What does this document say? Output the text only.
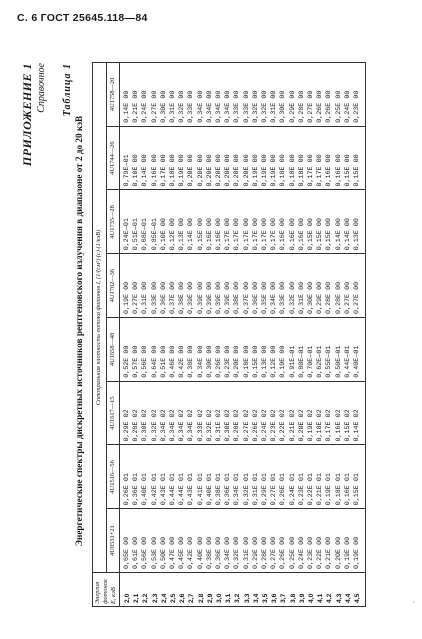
С. 6 ГОСТ 25645.118—84
ПРИЛОЖЕНИЕ 1 Справочное Таблица 1
Энергетические спектры дискретных источников рентгеновского излучения в диапазоне от 2 до 20 кэВ
Энергия фотонов E, кэВ	Спектральная плотность потока фотонов I, (1/(см²)·(с)·(1/кэВ)							
	4U0531+21	4U1516—56	4U1617—15	4U1658—48	4U1702—36	4U1735—28	4U1744—26	4U1758—20
2,0	0,65E 00	0,26E 01	0,29E 02	0,52E 00	0,19E 00	0,24E—01	0,79E—01	0,14E 00
2,1	0,61E 00	0,36E 01	0,28E 02	0,57E 00	0,27E 00	0,51E—01	0,10E 00	0,21E 00
2,2	0,56E 00	0,40E 01	0,30E 02	0,56E 00	0,31E 00	0,68E—01	0,14E 00	0,24E 00
2,3	0,53E 00	0,42E 01	0,32E 02	0,64E 00	0,33E 00	0,85E—01	0,16E 00	0,27E 00
2,4	0,50E 00	0,43E 01	0,34E 02	0,51E 00	0,36E 00	0,10E 00	0,17E 00	0,30E 00
2,5	0,47E 00	0,44E 01	0,34E 02	0,46E 00	0,37E 00	0,12E 00	0,18E 00	0,31E 00
2,6	0,45E 00	0,44E 01	0,34E 02	0,42E 00	0,38E 00	0,13E 00	0,19E 00	0,32E 00
2,7	0,42E 00	0,43E 01	0,34E 02	0,38E 00	0,39E 00	0,14E 00	0,20E 00	0,33E 00
2,8	0,40E 00	0,41E 01	0,33E 02	0,34E 00	0,39E 00	0,15E 00	0,20E 00	0,34E 00
2,9	0,38E 00	0,40E 01	0,32E 02	0,30E 00	0,39E 00	0,16E 00	0,20E 00	0,34E 00
3,0	0,36E 00	0,38E 01	0,31E 02	0,26E 00	0,39E 00	0,16E 00	0,20E 00	0,34E 00
3,1	0,34E 00	0,36E 01	0,30E 02	0,23E 00	0,39E 00	0,17E 00	0,20E 00	0,34E 00
3,2	0,32E 00	0,34E 01	0,28E 02	0,20E 00	0,38E 00	0,17E 00	0,20E 00	0,33E 00
3,3	0,31E 00	0,32E 01	0,27E 02	0,18E 00	0,37E 00	0,17E 00	0,20E 00	0,33E 00
3,4	0,29E 00	0,31E 01	0,26E 02	0,15E 00	0,36E 00	0,17E 00	0,19E 00	0,32E 00
3,5	0,28E 00	0,29E 01	0,24E 02	0,13E 00	0,35E 00	0,17E 00	0,19E 00	0,32E 00
3,6	0,27E 00	0,27E 01	0,23E 02	0,12E 00	0,34E 00	0,17E 00	0,19E 00	0,31E 00
3,7	0,26E 00	0,26E 01	0,22E 02	0,10E 00	0,33E 00	0,16E 00	0,18E 00	0,30E 00
3,8	0,25E 00	0,24E 01	0,21E 02	0,91E—01	0,32E 00	0,16E 00	0,18E 00	0,29E 00
3,9	0,24E 00	0,23E 01	0,20E 02	0,80E—01	0,31E 00	0,16E 00	0,18E 00	0,28E 00
4,0	0,23E 00	0,22E 01	0,19E 02	0,70E—01	0,30E 00	0,15E 00	0,17E 00	0,27E 00
4,1	0,22E 00	0,21E 01	0,18E 02	0,62E—01	0,29E 00	0,15E 00	0,17E 00	0,26E 00
4,2	0,21E 00	0,19E 01	0,17E 02	0,55E—01	0,28E 00	0,15E 00	0,16E 00	0,26E 00
4,3	0,20E 00	0,18E 01	0,16E 02	0,50E—01	0,28E 00	0,14E 00	0,16E 00	0,25E 00
4,4	0,19E 00	0,16E 01	0,15E 02	0,44E—01	0,27E 00	0,14E 00	0,15E 00	0,24E 00
4,5	0,19E 00	0,15E 01	0,14E 02	0,40E—01	0,27E 00	0,13E 00	0,15E 00	0,23E 00
·
